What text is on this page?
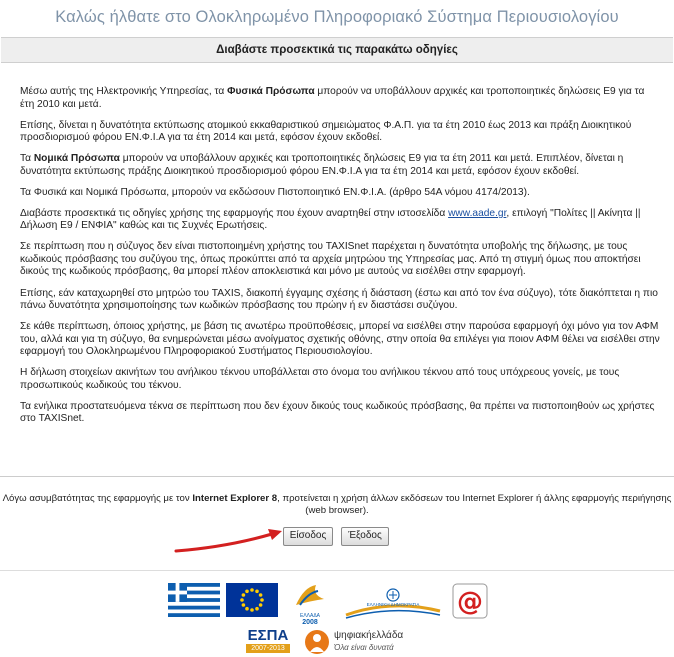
Καλώς ήλθατε στο Ολοκληρωμένο Πληροφοριακό Σύστημα Περιουσιολογίου
Διαβάστε προσεκτικά τις παρακάτω οδηγίες

Μέσω αυτής της Ηλεκτρονικής Υπηρεσίας, τα Φυσικά Πρόσωπα μπορούν να υποβάλλουν αρχικές και τροποποιητικές δηλώσεις Ε9 για τα έτη 2010 και μετά.

Επίσης, δίνεται η δυνατότητα εκτύπωσης ατομικού εκκαθαριστικού σημειώματος Φ.Α.Π. για τα έτη 2010 έως 2013 και πράξη Διοικητικού προσδιορισμού φόρου ΕΝ.Φ.Ι.Α για τα έτη 2014 και μετά, εφόσον έχουν εκδοθεί.

Τα Νομικά Πρόσωπα μπορούν να υποβάλλουν αρχικές και τροποποιητικές δηλώσεις Ε9 για τα έτη 2011 και μετά. Επιπλέον, δίνεται η δυνατότητα εκτύπωσης πράξης Διοικητικού προσδιορισμού φόρου ΕΝ.Φ.Ι.Α για τα έτη 2014 και μετά, εφόσον έχουν εκδοθεί.

Τα Φυσικά και Νομικά Πρόσωπα, μπορούν να εκδώσουν Πιστοποιητικό ΕΝ.Φ.Ι.Α. (άρθρο 54Α νόμου 4174/2013).

Διαβάστε προσεκτικά τις οδηγίες χρήσης της εφαρμογής που έχουν αναρτηθεί στην ιστοσελίδα www.aade.gr, επιλογή "Πολίτες || Ακίνητα || Δήλωση Ε9 / ΕΝΦΙΑ" καθώς και τις Συχνές Ερωτήσεις.

Σε περίπτωση που η σύζυγος δεν είναι πιστοποιημένη χρήστης του TAXISnet παρέχεται η δυνατότητα υποβολής της δήλωσης, με τους κωδικούς πρόσβασης του συζύγου της, όπως προκύπτει από τα αρχεία μητρώου της Υπηρεσίας μας. Από τη στιγμή όμως που αποκτήσει δικούς της κωδικούς πρόσβασης, θα μπορεί πλέον αποκλειστικά και μόνο με αυτούς να εισέλθει στην εφαρμογή.

Επίσης, εάν καταχωρηθεί στο μητρώο του TAXIS, διακοπή έγγαμης σχέσης ή διάσταση (έστω και από τον ένα σύζυγο), τότε διακόπτεται η πιο πάνω δυνατότητα χρησιμοποίησης των κωδικών πρόσβασης του πρώην ή εν διαστάσει συζύγου.

Σε κάθε περίπτωση, όποιος χρήστης, με βάση τις ανωτέρω προϋποθέσεις, μπορεί να εισέλθει στην παρούσα εφαρμογή όχι μόνο για τον ΑΦΜ του, αλλά και για τη σύζυγο, θα ενημερώνεται μέσω ανοίγματος σχετικής οθόνης, στην οποία θα επιλέγει για ποιον ΑΦΜ θέλει να εισέλθει στην εφαρμογή του Ολοκληρωμένου Πληροφοριακού Συστήματος Περιουσιολογίου.

Η δήλωση στοιχείων ακινήτων του ανήλικου τέκνου υποβάλλεται στο όνομα του ανήλικου τέκνου από τους υπόχρεους γονείς, με τους προσωπικούς κωδικούς του τέκνου.

Τα ενήλικα προστατευόμενα τέκνα σε περίπτωση που δεν έχουν δικούς τους κωδικούς πρόσβασης, θα πρέπει να πιστοποιηθούν ως χρήστες στο TAXISnet.

Λόγω ασυμβατότητας της εφαρμογής με τον Internet Explorer 8, προτείνεται η χρήση άλλων εκδόσεων του Internet Explorer ή άλλης εφαρμογής περιήγησης (web browser).
Είσοδος	Έξοδος
ΕΛΛΑΔΑ
2008
ΕΛΛΗΝΙΚΗ ΔΗΜΟΚΡΑΤΙΑ	@
ΕΣΠΑ
2007-2013
ψηφιακήελλάδα
Όλα είναι δυνατά
